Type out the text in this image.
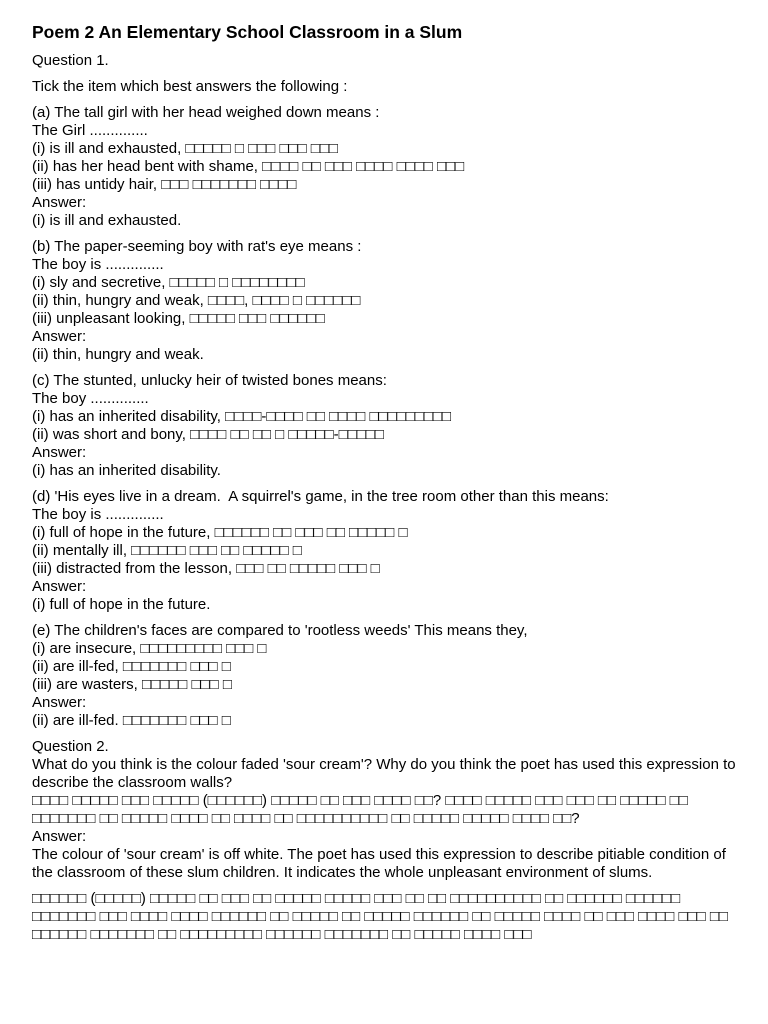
Poem 2 An Elementary School Classroom in a Slum
Question 1.
Tick the item which best answers the following :
(a) The tall girl with her head weighed down means :
The Girl ..............
(i) is ill and exhausted, □□□□□ □ □□□ □□□ □□□
(ii) has her head bent with shame, □□□□ □□ □□□ □□□□ □□□□ □□□
(iii) has untidy hair, □□□ □□□□□□□ □□□□
Answer:
(i) is ill and exhausted.
(b) The paper-seeming boy with rat's eye means :
The boy is ..............
(i) sly and secretive, □□□□□ □ □□□□□□□□
(ii) thin, hungry and weak, □□□□, □□□□ □ □□□□□□
(iii) unpleasant looking, □□□□□ □□□ □□□□□□
Answer:
(ii) thin, hungry and weak.
(c) The stunted, unlucky heir of twisted bones means:
The boy ..............
(i) has an inherited disability, □□□□-□□□□ □□ □□□□ □□□□□□□□□
(ii) was short and bony, □□□□ □□ □□ □ □□□□□-□□□□□
Answer:
(i) has an inherited disability.
(d) 'His eyes live in a dream.  A squirrel's game, in the tree room other than this means:
The boy is ..............
(i) full of hope in the future, □□□□□□ □□ □□□ □□ □□□□□ □
(ii) mentally ill, □□□□□□ □□□ □□ □□□□□ □
(iii) distracted from the lesson, □□□ □□ □□□□□ □□□ □
Answer:
(i) full of hope in the future.
(e) The children's faces are compared to 'rootless weeds' This means they,
(i) are insecure, □□□□□□□□□ □□□ □
(ii) are ill-fed, □□□□□□□ □□□ □
(iii) are wasters, □□□□□ □□□ □
Answer:
(ii) are ill-fed. □□□□□□□ □□□ □
Question 2.
What do you think is the colour faded 'sour cream'? Why do you think the poet has used this expression to describe the classroom walls?
□□□□ □□□□□ □□□ □□□□□ (□□□□□□) □□□□□ □□ □□□ □□□□ □□? □□□□ □□□□□ □□□ □□□ □□ □□□□□ □□ □□□□□□□ □□ □□□□□ □□□□ □□ □□□□ □□ □□□□□□□□□□ □□ □□□□□ □□□□□ □□□□ □□?
Answer:
The colour of 'sour cream' is off white. The poet has used this expression to describe pitiable condition of the classroom of these slum children. It indicates the whole unpleasant environment of slums.
□□□□□□ (□□□□□) □□□□□ □□ □□□ □□ □□□□□ □□□□□ □□□ □□ □□ □□□□□□□□□□ □□ □□□□□□ □□□□□□ □□□□□□□ □□□ □□□□ □□□□ □□□□□□ □□ □□□□□ □□ □□□□□ □□□□□□ □□ □□□□□ □□□□ □□ □□□ □□□□ □□□ □□ □□□□□□ □□□□□□□ □□ □□□□□□□□□ □□□□□□ □□□□□□□ □□ □□□□□ □□□□ □□□
